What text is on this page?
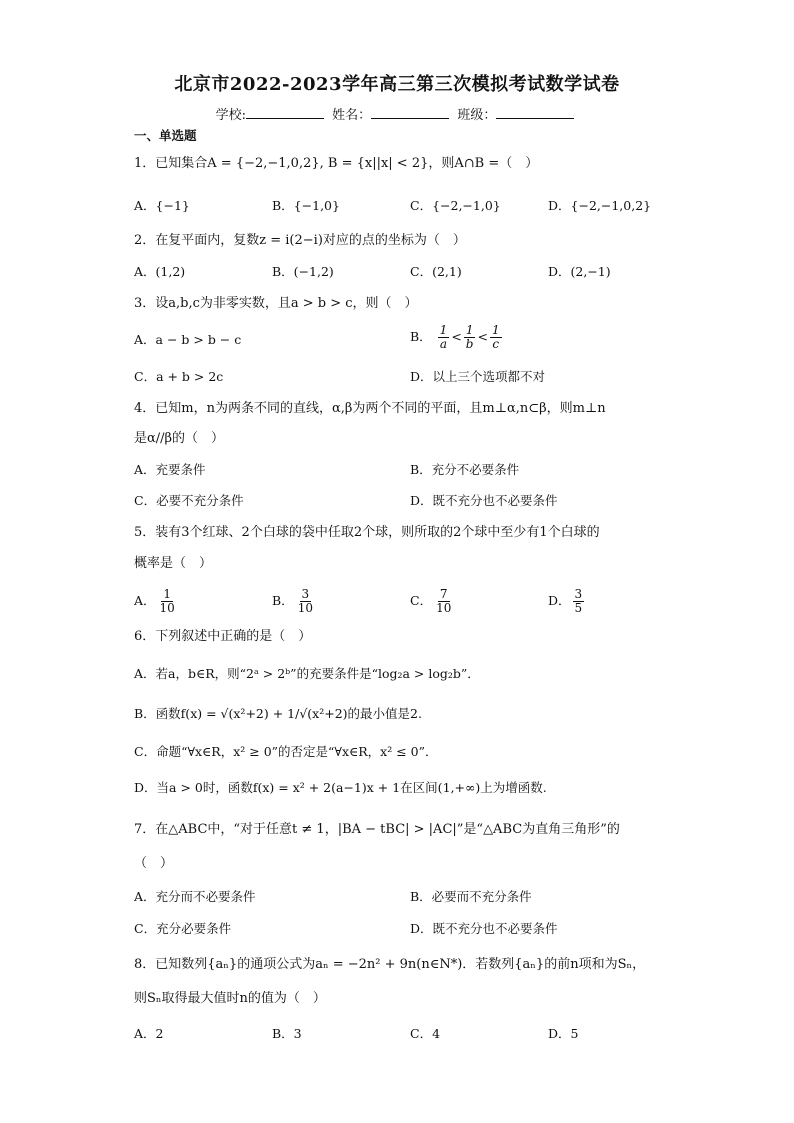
北京市2022-2023学年高三第三次模拟考试数学试卷
学校:	姓名：	班级：
一、单选题
1．已知集合A = {−2,−1,0,2}, B = {x||x| < 2}，则A∩B =（　）
A．{−1}	B．{−1,0}	C．{−2,−1,0}	D．{−2,−1,0,2}
2．在复平面内，复数z = i(2−i)对应的点的坐标为（　）
A．(1,2)	B．(−1,2)	C．(2,1)	D．(2,−1)
3．设a,b,c为非零实数，且a > b > c，则（　）
A．a − b > b − c	B． $\frac{1}{a} < \frac{1}{b} < \frac{1}{c}$
C．a + b > 2c	D．以上三个选项都不对
4．已知m，n为两条不同的直线，α,β为两个不同的平面，且m⊥α,n⊂β，则m⊥n
是α//β的（　）
A．充要条件	B．充分不必要条件
C．必要不充分条件	D．既不充分也不必要条件
5．装有3个红球、2个白球的袋中任取2个球，则所取的2个球中至少有1个白球的
概率是（　）
A． $\frac{1}{10}$	B． $\frac{3}{10}$	C． $\frac{7}{10}$	D． $\frac{3}{5}$
6．下列叙述中正确的是（　）
A．若a，b∈R，则“2ᵃ > 2ᵇ”的充要条件是“log₂a > log₂b”．
B．函数f(x) = √(x²+2) + 1/√(x²+2)的最小值是2.
C．命题“∀x∈R，x² ≥ 0”的否定是“∀x∈R，x² ≤ 0”．
D．当a > 0时，函数f(x) = x² + 2(a−1)x + 1在区间(1,+∞)上为增函数.
7．在△ABC中，“对于任意t ≠ 1，|BA − tBC| > |AC|”是“△ABC为直角三角形”的
（　）
A．充分而不必要条件	B．必要而不充分条件
C．充分必要条件	D．既不充分也不必要条件
8．已知数列{aₙ}的通项公式为aₙ = −2n² + 9n(n∈N*)．若数列{aₙ}的前n项和为Sₙ，
则Sₙ取得最大值时n的值为（　）
A．2	B．3	C．4	D．5
